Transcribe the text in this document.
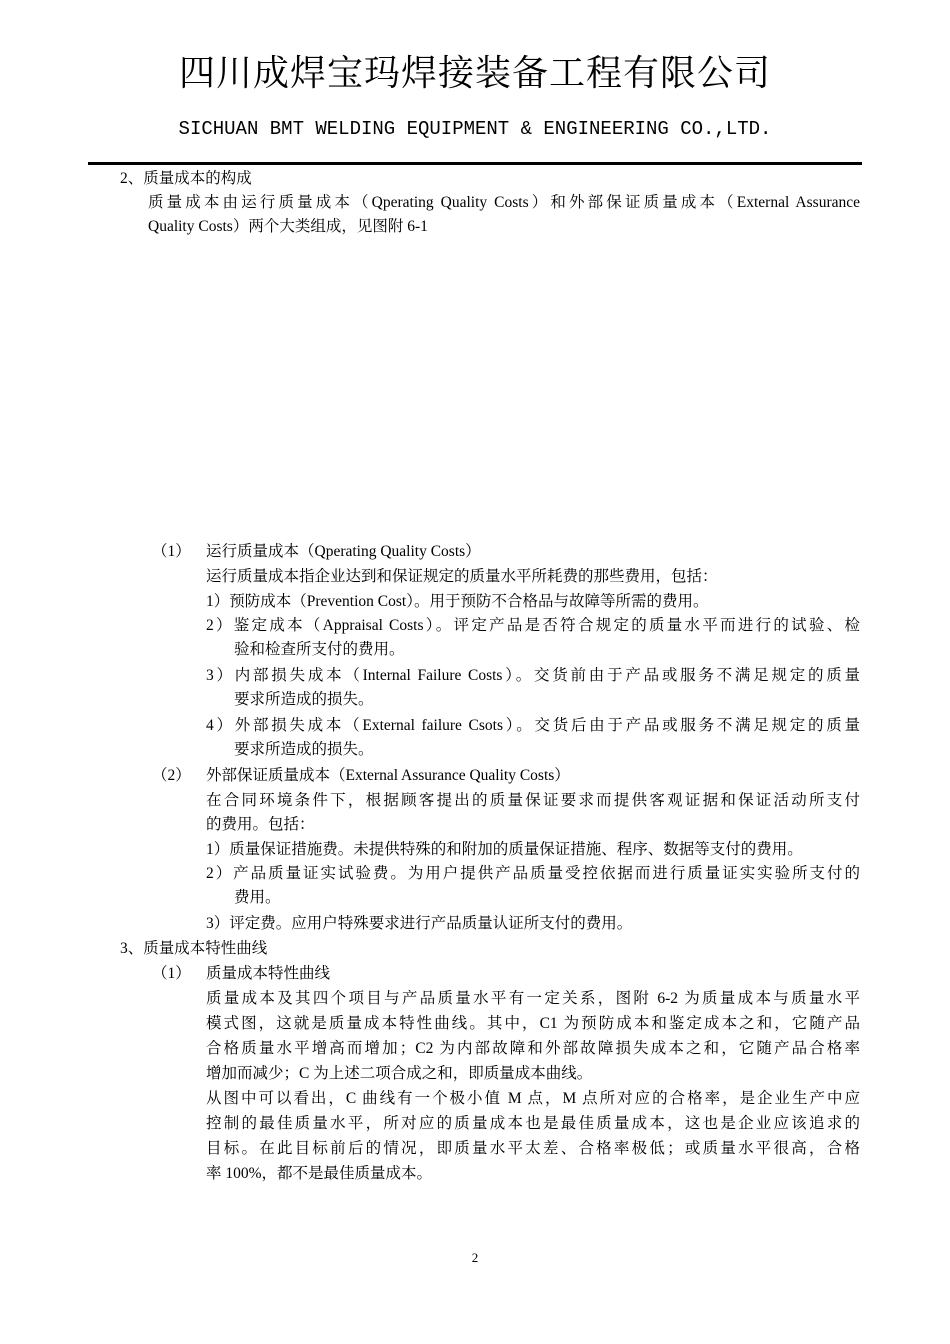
四川成焊宝玛焊接装备工程有限公司
SICHUAN BMT WELDING EQUIPMENT & ENGINEERING CO.,LTD.
2、质量成本的构成
质量成本由运行质量成本（Qperating Quality Costs）和外部保证质量成本（External Assurance
Quality Costs）两个大类组成，见图附 6-1
（1） 运行质量成本（Qperating Quality Costs）
运行质量成本指企业达到和保证规定的质量水平所耗费的那些费用，包括：
1）预防成本（Prevention Cost）。用于预防不合格品与故障等所需的费用。
2）鉴定成本（Appraisal Costs）。评定产品是否符合规定的质量水平而进行的试验、检
验和检查所支付的费用。
3）内部损失成本（Internal Failure Costs）。交货前由于产品或服务不满足规定的质量
要求所造成的损失。
4）外部损失成本（External failure Csots）。交货后由于产品或服务不满足规定的质量
要求所造成的损失。
（2） 外部保证质量成本（External Assurance Quality Costs）
在合同环境条件下，根据顾客提出的质量保证要求而提供客观证据和保证活动所支付
的费用。包括：
1）质量保证措施费。未提供特殊的和附加的质量保证措施、程序、数据等支付的费用。
2）产品质量证实试验费。为用户提供产品质量受控依据而进行质量证实实验所支付的
费用。
3）评定费。应用户特殊要求进行产品质量认证所支付的费用。
3、质量成本特性曲线
（1） 质量成本特性曲线
质量成本及其四个项目与产品质量水平有一定关系，图附 6-2 为质量成本与质量水平
模式图，这就是质量成本特性曲线。其中，C1 为预防成本和鉴定成本之和，它随产品
合格质量水平增高而增加；C2 为内部故障和外部故障损失成本之和，它随产品合格率
增加而减少；C 为上述二项合成之和，即质量成本曲线。
从图中可以看出，C 曲线有一个极小值 M 点，M 点所对应的合格率，是企业生产中应
控制的最佳质量水平，所对应的质量成本也是最佳质量成本，这也是企业应该追求的
目标。在此目标前后的情况，即质量水平太差、合格率极低；或质量水平很高，合格
率 100%，都不是最佳质量成本。
2
